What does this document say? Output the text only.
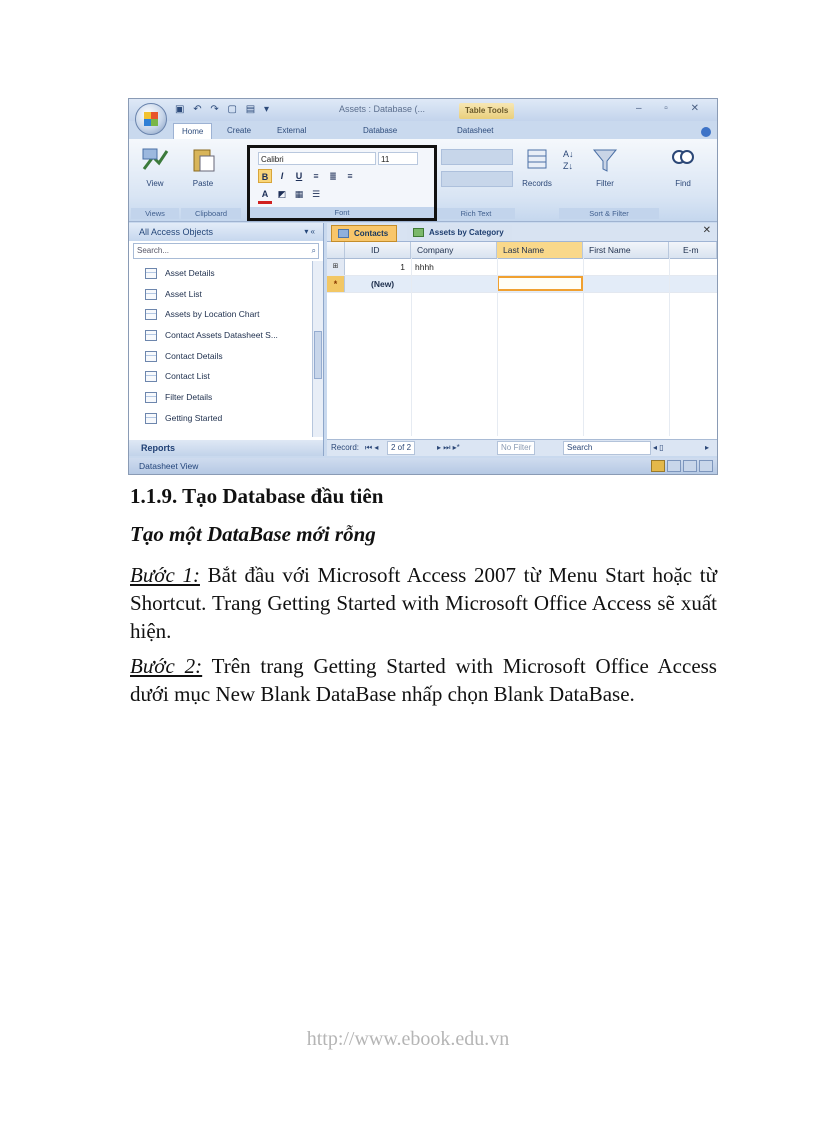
▣ ↶ ↷ ▢ ▤ ▾	Assets : Database (...	Table Tools	– ▫ ✕
Home	Create	External	Database	Datasheet
View
Views
Paste
Clipboard
Calibri	11
B	I	U	≡	≣	≡
A	◩ ▦ ☰
Font	Rich Text
Records
A↓
Z↓
Filter
Sort & Filter
Find
All Access Objects	▾ «
Search...	⌕
Asset Details
Asset List
Assets by Location Chart
Contact Assets Datasheet S...
Contact Details
Contact List
Filter Details
Getting Started
Reports
Contacts	Assets by Category	✕
ID	Company	Last Name	First Name	E-m
⊞	1 hhhh
*	(New)
Record: ⏮ ◂	2 of 2	▸ ⏭ ▸*	No Filter	Search	◂ ▯	▸
Datasheet View
1.1.9. Tạo Database đầu tiên
Tạo một DataBase mới rỗng

Bước 1: Bắt đầu với Microsoft Access 2007 từ Menu Start hoặc từ Shortcut. Trang Getting Started with Microsoft Office Access sẽ xuất hiện.

Bước 2: Trên trang Getting Started with Microsoft Office Access dưới mục New Blank DataBase nhấp chọn Blank DataBase.

http://www.ebook.edu.vn
